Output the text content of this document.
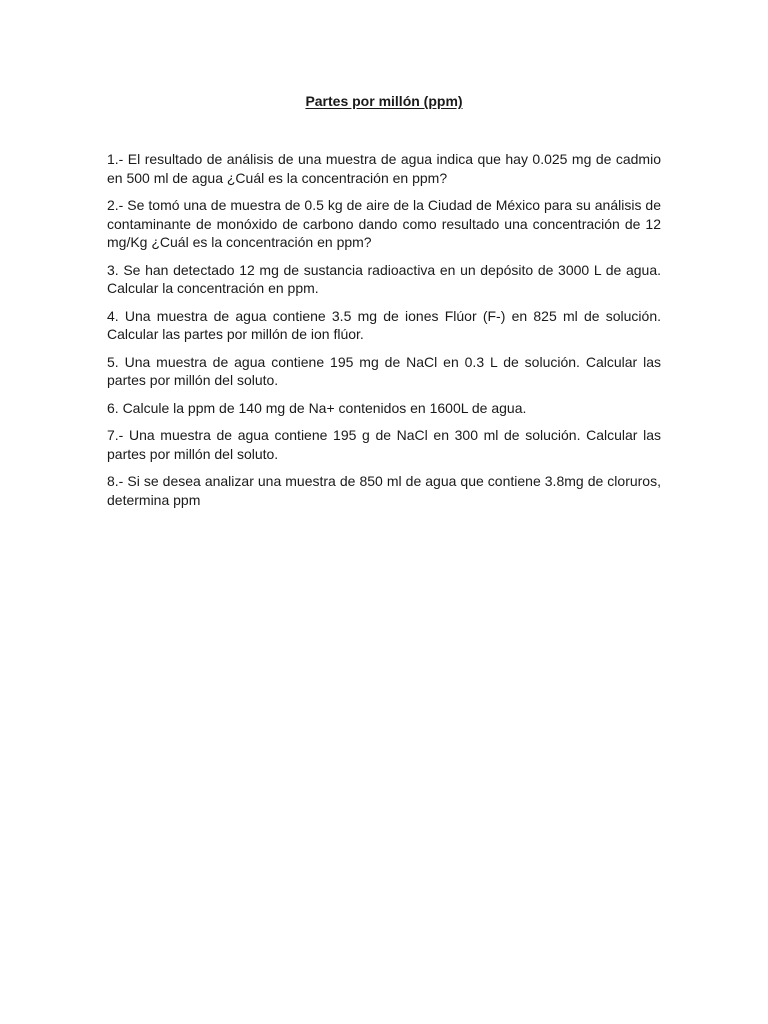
Partes por millón (ppm)

1.- El resultado de análisis de una muestra de agua indica que hay 0.025 mg de cadmio en 500 ml de agua ¿Cuál es la concentración en ppm?

2.- Se tomó una de muestra de 0.5 kg de aire de la Ciudad de México para su análisis de contaminante de monóxido de carbono dando como resultado una concentración de 12 mg/Kg ¿Cuál es la concentración en ppm?

3. Se han detectado 12 mg de sustancia radioactiva en un depósito de 3000 L de agua. Calcular la concentración en ppm.

4. Una muestra de agua contiene 3.5 mg de iones Flúor (F-) en 825 ml de solución. Calcular las partes por millón de ion flúor.

5. Una muestra de agua contiene 195 mg de NaCl en 0.3 L de solución. Calcular las partes por millón del soluto.

6. Calcule la ppm de 140 mg de Na+ contenidos en 1600L de agua.

7.- Una muestra de agua contiene 195 g de NaCl en 300 ml de solución. Calcular las partes por millón del soluto.

8.- Si se desea analizar una muestra de 850 ml de agua que contiene 3.8mg de cloruros, determina ppm
